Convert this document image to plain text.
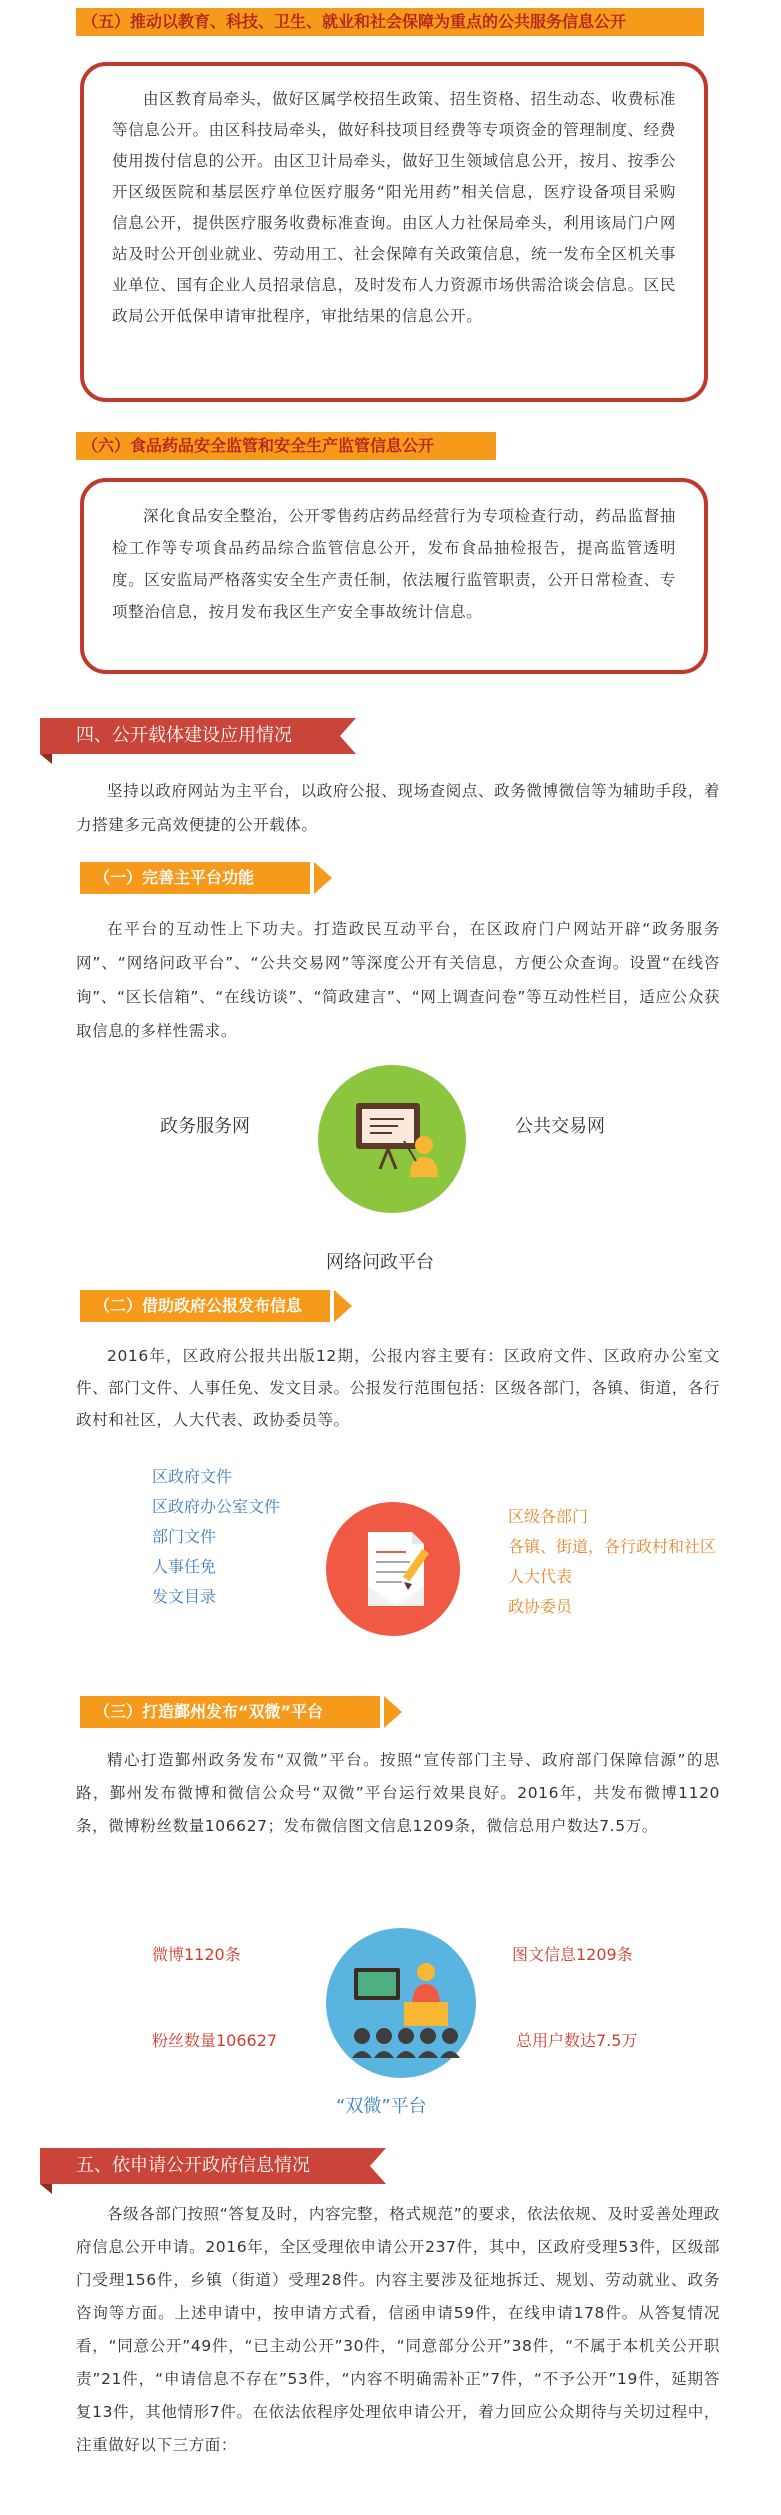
（五）推动以教育、科技、卫生、就业和社会保障为重点的公共服务信息公开

由区教育局牵头，做好区属学校招生政策、招生资格、招生动态、收费标准等信息公开。由区科技局牵头，做好科技项目经费等专项资金的管理制度、经费使用拨付信息的公开。由区卫计局牵头，做好卫生领域信息公开，按月、按季公开区级医院和基层医疗单位医疗服务“阳光用药”相关信息，医疗设备项目采购信息公开，提供医疗服务收费标准查询。由区人力社保局牵头，利用该局门户网站及时公开创业就业、劳动用工、社会保障有关政策信息，统一发布全区机关事业单位、国有企业人员招录信息，及时发布人力资源市场供需洽谈会信息。区民政局公开低保申请审批程序，审批结果的信息公开。

（六）食品药品安全监管和安全生产监管信息公开

深化食品安全整治，公开零售药店药品经营行为专项检查行动，药品监督抽检工作等专项食品药品综合监管信息公开，发布食品抽检报告，提高监管透明度。区安监局严格落实安全生产责任制，依法履行监管职责，公开日常检查、专项整治信息，按月发布我区生产安全事故统计信息。

四、公开载体建设应用情况

坚持以政府网站为主平台，以政府公报、现场查阅点、政务微博微信等为辅助手段，着力搭建多元高效便捷的公开载体。

（一）完善主平台功能

在平台的互动性上下功夫。打造政民互动平台，在区政府门户网站开辟“政务服务网”、“网络问政平台”、“公共交易网”等深度公开有关信息，方便公众查询。设置“在线咨询”、“区长信箱”、“在线访谈”、“简政建言”、“网上调查问卷”等互动性栏目，适应公众获取信息的多样性需求。

政务服务网	公共交易网
网络问政平台
（二）借助政府公报发布信息

2016年，区政府公报共出版12期，公报内容主要有：区政府文件、区政府办公室文件、部门文件、人事任免、发文目录。公报发行范围包括：区级各部门，各镇、街道，各行政村和社区，人大代表、政协委员等。

区政府文件
区政府办公室文件
部门文件
人事任免
发文目录
区级各部门
各镇、街道，各行政村和社区
人大代表
政协委员
（三）打造鄞州发布“双微”平台

精心打造鄞州政务发布“双微”平台。按照“宣传部门主导、政府部门保障信源”的思路，鄞州发布微博和微信公众号“双微”平台运行效果良好。2016年，共发布微博1120条，微博粉丝数量106627；发布微信图文信息1209条，微信总用户数达7.5万。

微博1120条	图文信息1209条
粉丝数量106627	总用户数达7.5万
“双微”平台
五、依申请公开政府信息情况

各级各部门按照“答复及时，内容完整，格式规范”的要求，依法依规、及时妥善处理政府信息公开申请。2016年，全区受理依申请公开237件，其中，区政府受理53件，区级部门受理156件，乡镇（街道）受理28件。内容主要涉及征地拆迁、规划、劳动就业、政务咨询等方面。上述申请中，按申请方式看，信函申请59件，在线申请178件。从答复情况看，“同意公开”49件，“已主动公开”30件，“同意部分公开”38件，“不属于本机关公开职责”21件，“申请信息不存在”53件，“内容不明确需补正”7件，“不予公开”19件，延期答复13件，其他情形7件。在依法依程序处理依申请公开，着力回应公众期待与关切过程中，注重做好以下三方面：
